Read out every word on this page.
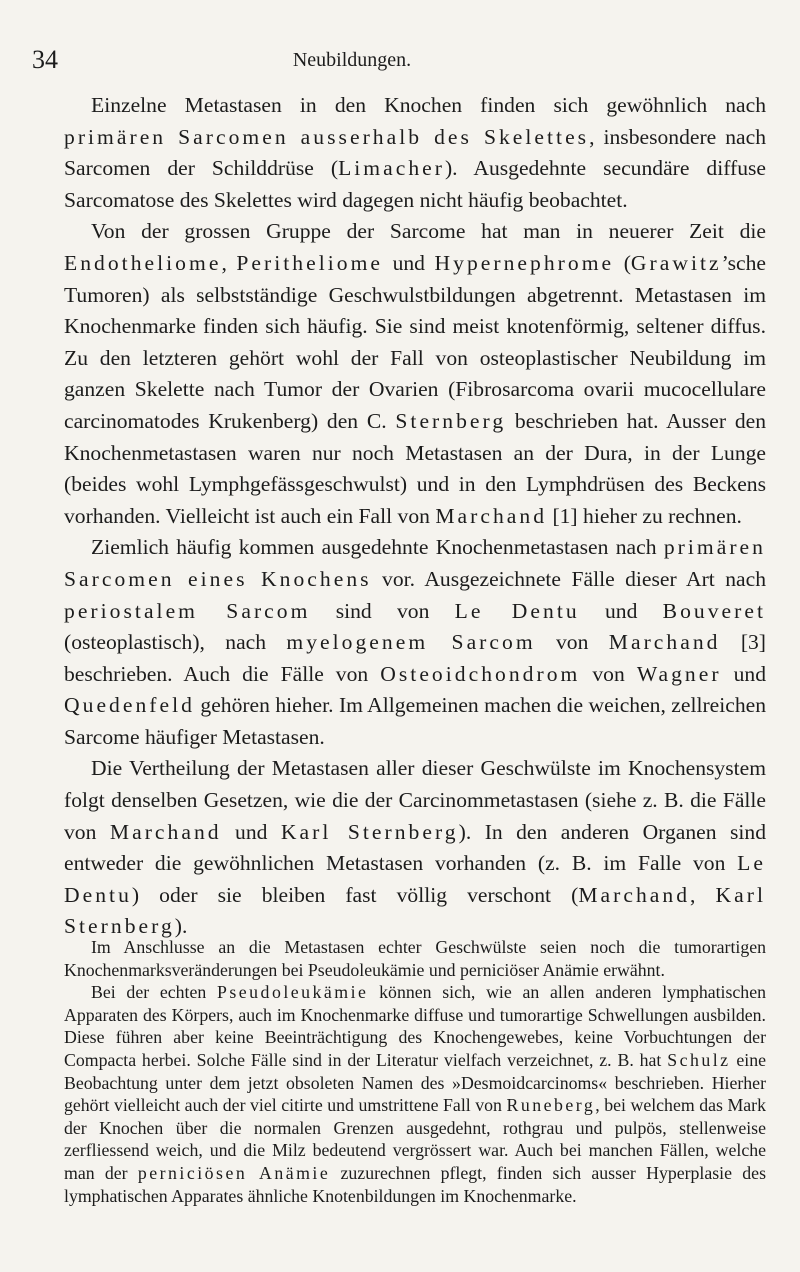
34	Neubildungen.

Einzelne Metastasen in den Knochen finden sich gewöhnlich nach primären Sarcomen ausserhalb des Skelettes, insbesondere nach Sarcomen der Schilddrüse (Limacher). Ausgedehnte secundäre diffuse Sarcomatose des Skelettes wird dagegen nicht häufig beobachtet.

Von der grossen Gruppe der Sarcome hat man in neuerer Zeit die Endotheliome, Peritheliome und Hypernephrome (Grawitz’sche Tumoren) als selbstständige Geschwulstbildungen abgetrennt. Metastasen im Knochenmarke finden sich häufig. Sie sind meist knotenförmig, seltener diffus. Zu den letzteren gehört wohl der Fall von osteoplastischer Neubildung im ganzen Skelette nach Tumor der Ovarien (Fibrosarcoma ovarii mucocellulare carcinomatodes Krukenberg) den C. Sternberg beschrieben hat. Ausser den Knochenmetastasen waren nur noch Metastasen an der Dura, in der Lunge (beides wohl Lymphgefässgeschwulst) und in den Lymphdrüsen des Beckens vorhanden. Vielleicht ist auch ein Fall von Marchand [1] hieher zu rechnen.

Ziemlich häufig kommen ausgedehnte Knochenmetastasen nach primären Sarcomen eines Knochens vor. Ausgezeichnete Fälle dieser Art nach periostalem Sarcom sind von Le Dentu und Bouveret (osteoplastisch), nach myelogenem Sarcom von Marchand [3] beschrieben. Auch die Fälle von Osteoidchondrom von Wagner und Quedenfeld gehören hieher. Im Allgemeinen machen die weichen, zellreichen Sarcome häufiger Metastasen.

Die Vertheilung der Metastasen aller dieser Geschwülste im Knochensystem folgt denselben Gesetzen, wie die der Carcinommetastasen (siehe z. B. die Fälle von Marchand und Karl Sternberg). In den anderen Organen sind entweder die gewöhnlichen Metastasen vorhanden (z. B. im Falle von Le Dentu) oder sie bleiben fast völlig verschont (Marchand, Karl Sternberg).

Im Anschlusse an die Metastasen echter Geschwülste seien noch die tumorartigen Knochenmarksveränderungen bei Pseudoleukämie und perniciöser Anämie erwähnt.

Bei der echten Pseudoleukämie können sich, wie an allen anderen lymphatischen Apparaten des Körpers, auch im Knochenmarke diffuse und tumorartige Schwellungen ausbilden. Diese führen aber keine Beeinträchtigung des Knochengewebes, keine Vorbuchtungen der Compacta herbei. Solche Fälle sind in der Literatur vielfach verzeichnet, z. B. hat Schulz eine Beobachtung unter dem jetzt obsoleten Namen des »Desmoidcarcinoms« beschrieben. Hierher gehört vielleicht auch der viel citirte und umstrittene Fall von Runeberg, bei welchem das Mark der Knochen über die normalen Grenzen ausgedehnt, rothgrau und pulpös, stellenweise zerfliessend weich, und die Milz bedeutend vergrössert war. Auch bei manchen Fällen, welche man der perniciösen Anämie zuzurechnen pflegt, finden sich ausser Hyperplasie des lymphatischen Apparates ähnliche Knotenbildungen im Knochenmarke.
